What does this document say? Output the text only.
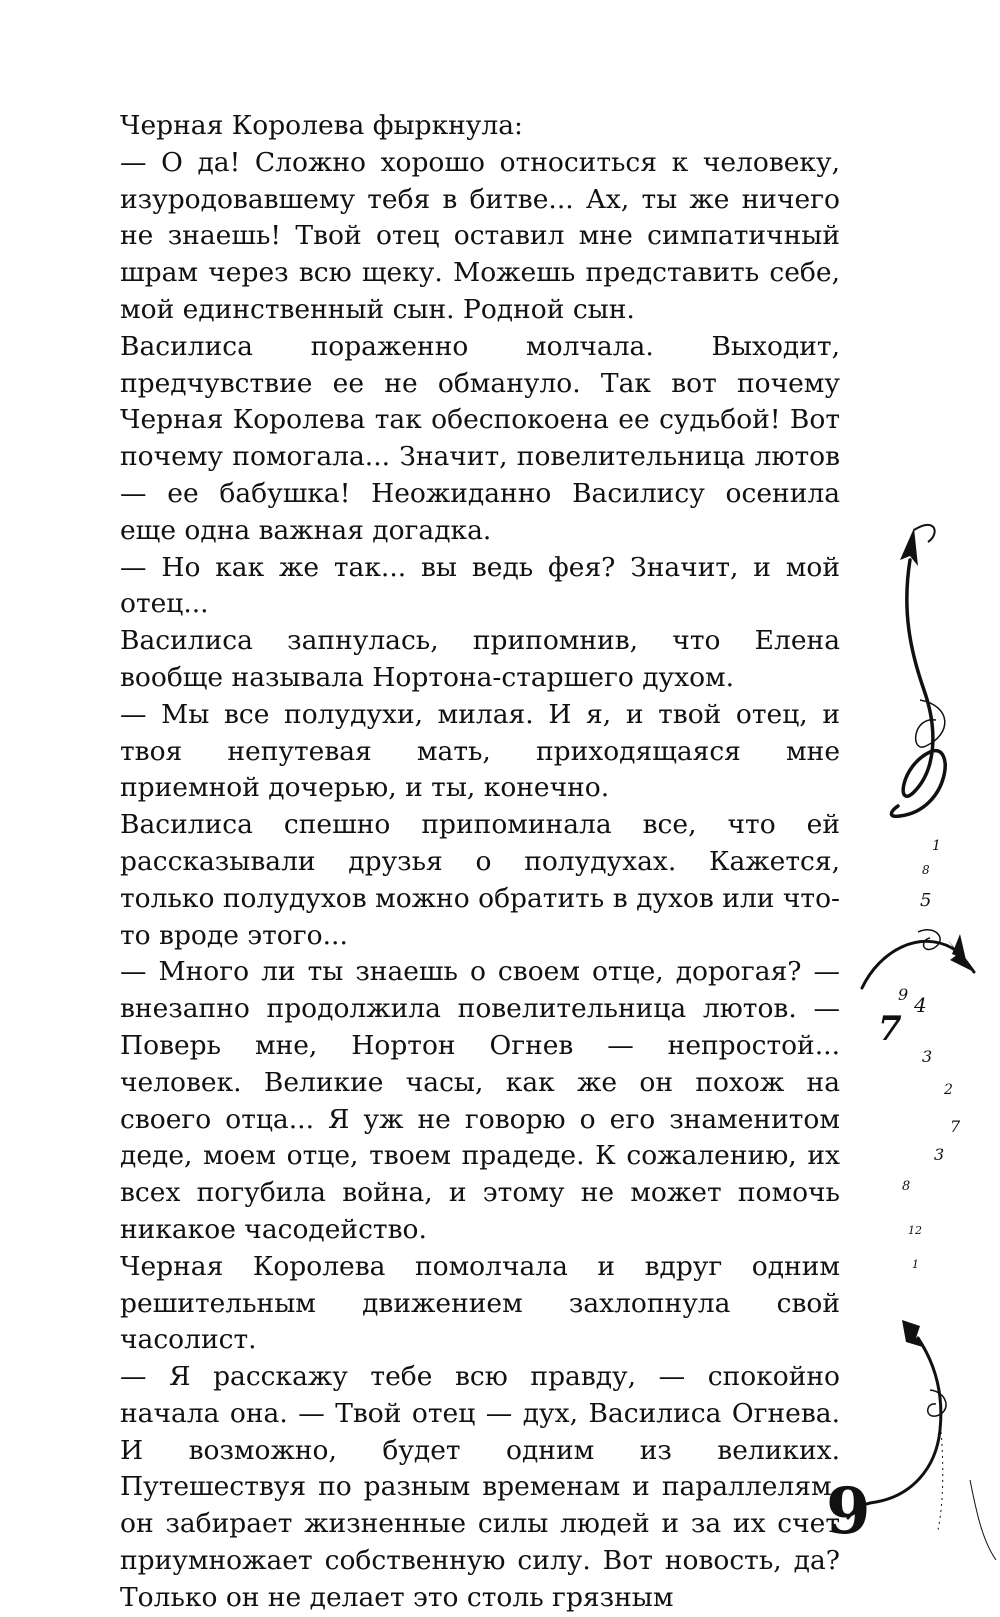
Черная Королева фыркнула:

— О да! Сложно хорошо относиться к человеку, изуродовавшему тебя в битве... Ах, ты же ничего не знаешь! Твой отец оставил мне симпатичный шрам через всю щеку. Можешь представить себе, мой единственный сын. Родной сын.

Василиса пораженно молчала. Выходит, предчувствие ее не обмануло. Так вот почему Черная Королева так обеспокоена ее судьбой! Вот почему помогала... Значит, повелительница лютов — ее бабушка! Неожиданно Василису осенила еще одна важная догадка.

— Но как же так... вы ведь фея? Значит, и мой отец...

Василиса запнулась, припомнив, что Елена вообще называла Нортона-старшего духом.

— Мы все полудухи, милая. И я, и твой отец, и твоя непутевая мать, приходящаяся мне приемной дочерью, и ты, конечно.

Василиса спешно припоминала все, что ей рассказывали друзья о полудухах. Кажется, только полудухов можно обратить в духов или что-то вроде этого...

— Много ли ты знаешь о своем отце, дорогая? — внезапно продолжила повелительница лютов. — Поверь мне, Нортон Огнев — непростой... человек. Великие часы, как же он похож на своего отца... Я уж не говорю о его знаменитом деде, моем отце, твоем прадеде. К сожалению, их всех погубила война, и этому не может помочь никакое часодейство.

Черная Королева помолчала и вдруг одним решительным движением захлопнула свой часолист.

— Я расскажу тебе всю правду, — спокойно начала она. — Твой отец — дух, Василиса Огнева. И возможно, будет одним из великих. Путешествуя по разным временам и параллелям, он забирает жизненные силы людей и за их счет приумножает собственную силу. Вот новость, да? Только он не делает это столь грязным

1
8
5
9 4
7
3
2
7
3
8
12
1
9
